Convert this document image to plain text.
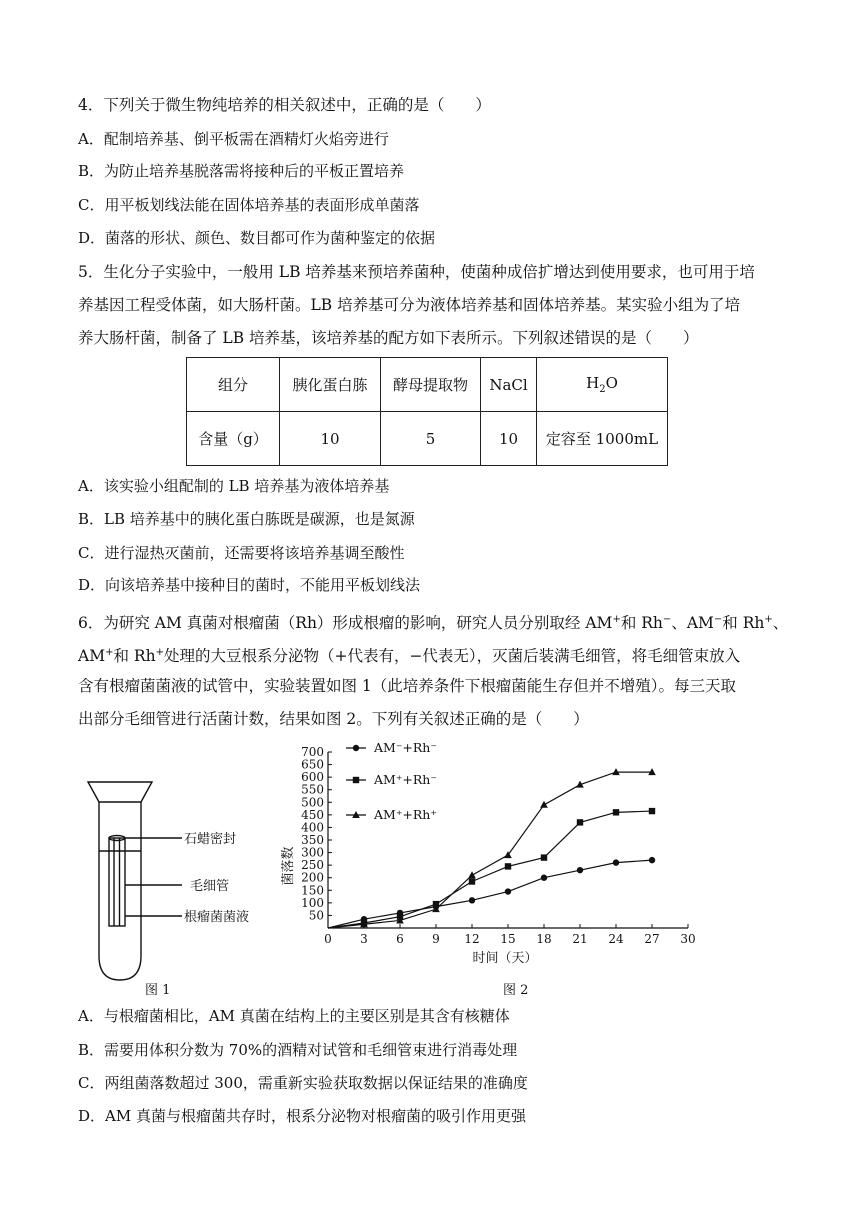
4．下列关于微生物纯培养的相关叙述中，正确的是（　　）
A．配制培养基、倒平板需在酒精灯火焰旁进行
B．为防止培养基脱落需将接种后的平板正置培养
C．用平板划线法能在固体培养基的表面形成单菌落
D．菌落的形状、颜色、数目都可作为菌种鉴定的依据
5．生化分子实验中，一般用 LB 培养基来预培养菌种，使菌种成倍扩增达到使用要求，也可用于培
养基因工程受体菌，如大肠杆菌。LB 培养基可分为液体培养基和固体培养基。某实验小组为了培
养大肠杆菌，制备了 LB 培养基，该培养基的配方如下表所示。下列叙述错误的是（　　）
组分	胰化蛋白胨	酵母提取物	NaCl	$H_2O$
含量（g）	10	5	10	定容至 1000mL
A．该实验小组配制的 LB 培养基为液体培养基
B．LB 培养基中的胰化蛋白胨既是碳源，也是氮源
C．进行湿热灭菌前，还需要将该培养基调至酸性
D．向该培养基中接种目的菌时，不能用平板划线法
6．为研究 AM 真菌对根瘤菌（Rh）形成根瘤的影响，研究人员分别取经 AM+和 Rh−、AM−和 Rh+、
AM+和 Rh+处理的大豆根系分泌物（+代表有，−代表无），灭菌后装满毛细管，将毛细管束放入
含有根瘤菌菌液的试管中，实验装置如图 1（此培养条件下根瘤菌能生存但并不增殖）。每三天取
出部分毛细管进行活菌计数，结果如图 2。下列有关叙述正确的是（　　）
石蜡密封
毛细管
根瘤菌菌液
图 1
0 3 6 9 12 15 18 21 24 27 30
50
100
150
200
250
300
350
400
450
500
550
600
650
700	AM⁻+Rh⁻
AM⁺+Rh⁻
AM⁺+Rh⁺
菌落数
时间（天）
图 2
A．与根瘤菌相比，AM 真菌在结构上的主要区别是其含有核糖体
B．需要用体积分数为 70%的酒精对试管和毛细管束进行消毒处理
C．两组菌落数超过 300，需重新实验获取数据以保证结果的准确度
D．AM 真菌与根瘤菌共存时，根系分泌物对根瘤菌的吸引作用更强
